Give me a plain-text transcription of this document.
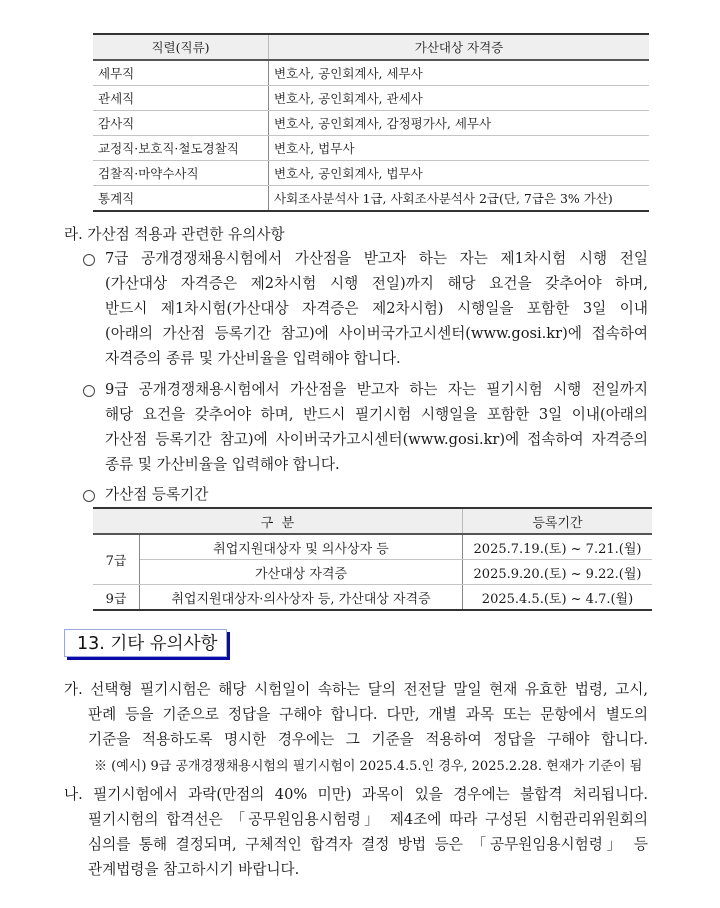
직렬(직류)	가산대상 자격증
세무직	변호사, 공인회계사, 세무사
관세직	변호사, 공인회계사, 관세사
감사직	변호사, 공인회계사, 감정평가사, 세무사
교정직·보호직·철도경찰직	변호사, 법무사
검찰직·마약수사직	변호사, 공인회계사, 법무사
통계직	사회조사분석사 1급, 사회조사분석사 2급(단, 7급은 3% 가산)
라. 가산점 적용과 관련한 유의사항
7급 공개경쟁채용시험에서 가산점을 받고자 하는 자는 제1차시험 시행 전일
(가산대상 자격증은 제2차시험 시행 전일)까지 해당 요건을 갖추어야 하며,
반드시 제1차시험(가산대상 자격증은 제2차시험) 시행일을 포함한 3일 이내
(아래의 가산점 등록기간 참고)에 사이버국가고시센터(www.gosi.kr)에 접속하여
자격증의 종류 및 가산비율을 입력해야 합니다.
9급 공개경쟁채용시험에서 가산점을 받고자 하는 자는 필기시험 시행 전일까지
해당 요건을 갖추어야 하며, 반드시 필기시험 시행일을 포함한 3일 이내(아래의
가산점 등록기간 참고)에 사이버국가고시센터(www.gosi.kr)에 접속하여 자격증의
종류 및 가산비율을 입력해야 합니다.
가산점 등록기간
구  분		등록기간
7급	취업지원대상자 및 의사상자 등	2025.7.19.(토) ~ 7.21.(월)
	가산대상 자격증	2025.9.20.(토) ~ 9.22.(월)
9급	취업지원대상자·의사상자 등, 가산대상 자격증	2025.4.5.(토) ~ 4.7.(월)
13. 기타 유의사항
가. 선택형 필기시험은 해당 시험일이 속하는 달의 전전달 말일 현재 유효한 법령, 고시,
판례 등을 기준으로 정답을 구해야 합니다. 다만, 개별 과목 또는 문항에서 별도의
기준을 적용하도록 명시한 경우에는 그 기준을 적용하여 정답을 구해야 합니다.
※ (예시) 9급 공개경쟁채용시험의 필기시험이 2025.4.5.인 경우, 2025.2.28. 현재가 기준이 됨
나. 필기시험에서 과락(만점의 40% 미만) 과목이 있을 경우에는 불합격 처리됩니다.
필기시험의 합격선은 「공무원임용시험령」 제4조에 따라 구성된 시험관리위원회의
심의를 통해 결정되며, 구체적인 합격자 결정 방법 등은 「공무원임용시험령」 등
관계법령을 참고하시기 바랍니다.
